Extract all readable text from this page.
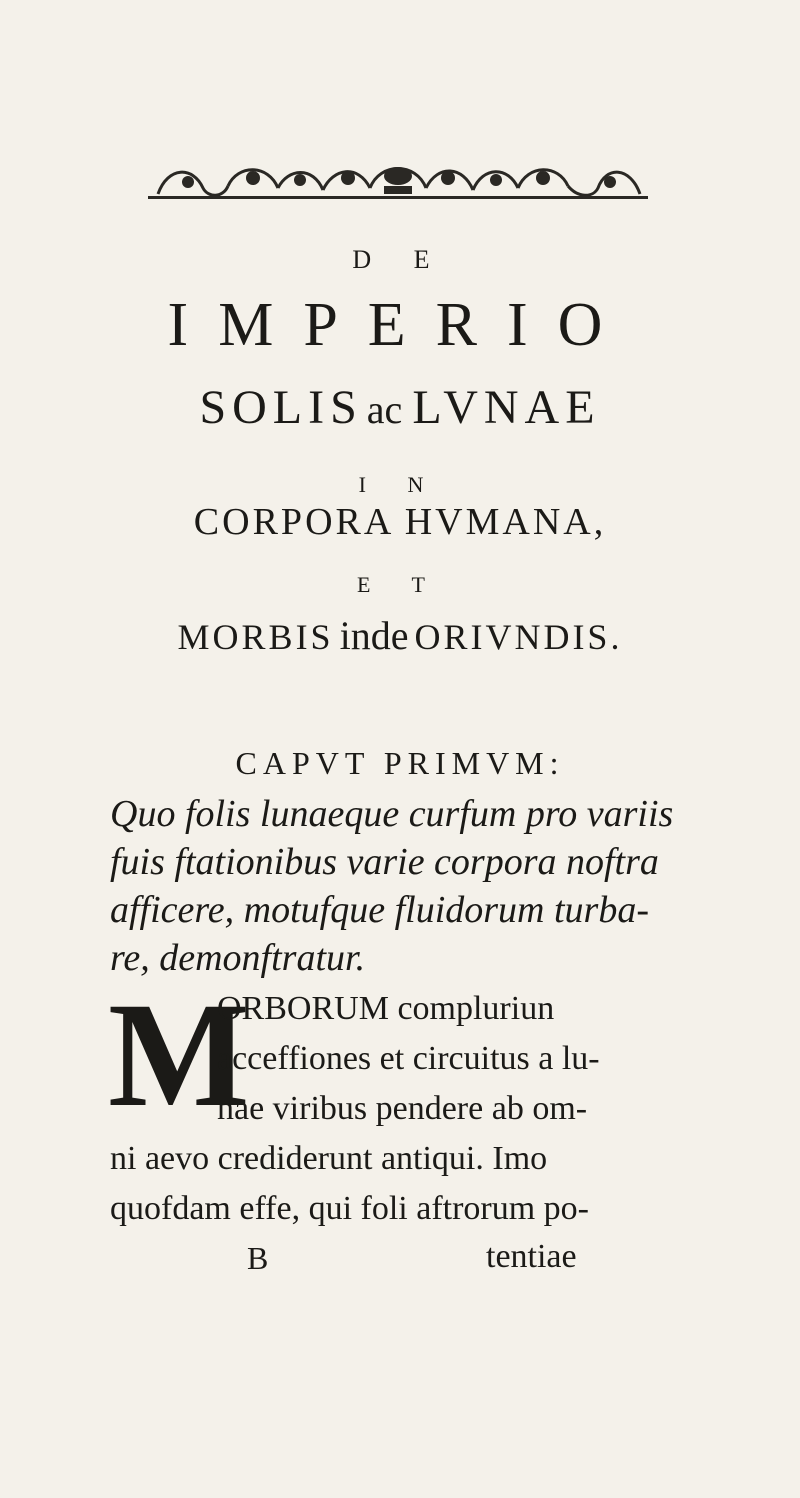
D E
IMPERIO
SOLIS ac LVNAE
I N
CORPORA HVMANA,
E T
MORBIS inde ORIVNDIS.
CAPVT PRIMVM:
Quo folis lunaeque curfum pro variis
fuis ftationibus varie corpora noftra
afficere, motufque fluidorum turba-
re, demonftratur.
M
ORBORUM compluriun
acceffiones et circuitus a lu-
nae viribus pendere ab om-
ni aevo crediderunt antiqui. Imo
quofdam effe, qui foli aftrorum po-
B	tentiae
